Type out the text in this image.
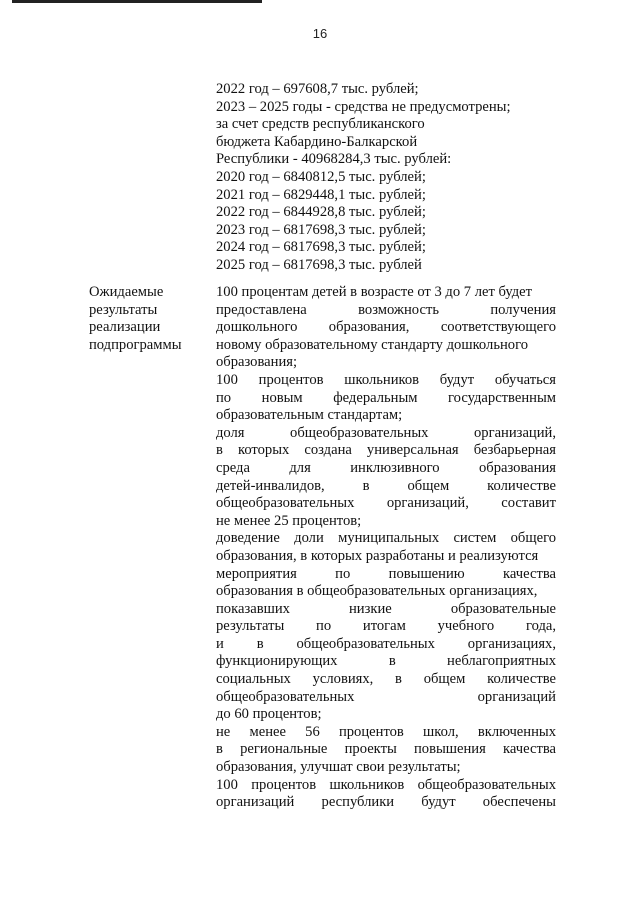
16
2022 год – 697608,7 тыс. рублей;
2023 – 2025 годы - средства не предусмотрены;
за счет средств республиканского
бюджета Кабардино-Балкарской
Республики - 40968284,3 тыс. рублей:
2020 год – 6840812,5 тыс. рублей;
2021 год – 6829448,1 тыс. рублей;
2022 год – 6844928,8 тыс. рублей;
2023 год – 6817698,3 тыс. рублей;
2024 год – 6817698,3 тыс. рублей;
2025 год – 6817698,3 тыс. рублей
Ожидаемые
результаты
реализации
подпрограммы
100 процентам детей в возрасте от 3 до 7 лет будет
предоставлена возможность получения
дошкольного образования, соответствующего
новому образовательному стандарту дошкольного
образования;
100 процентов школьников будут обучаться
по новым федеральным государственным
образовательным стандартам;
доля общеобразовательных организаций,
в которых создана универсальная безбарьерная
среда для инклюзивного образования
детей-инвалидов, в общем количестве
общеобразовательных организаций, составит
не менее 25 процентов;
доведение доли муниципальных систем общего
образования, в которых разработаны и реализуются
мероприятия по повышению качества
образования в общеобразовательных организациях,
показавших низкие образовательные
результаты по итогам учебного года,
и в общеобразовательных организациях,
функционирующих в неблагоприятных
социальных условиях, в общем количестве
общеобразовательных организаций
до 60 процентов;
не менее 56 процентов школ, включенных
в региональные проекты повышения качества
образования, улучшат свои результаты;
100 процентов школьников общеобразовательных
организаций республики будут обеспечены
